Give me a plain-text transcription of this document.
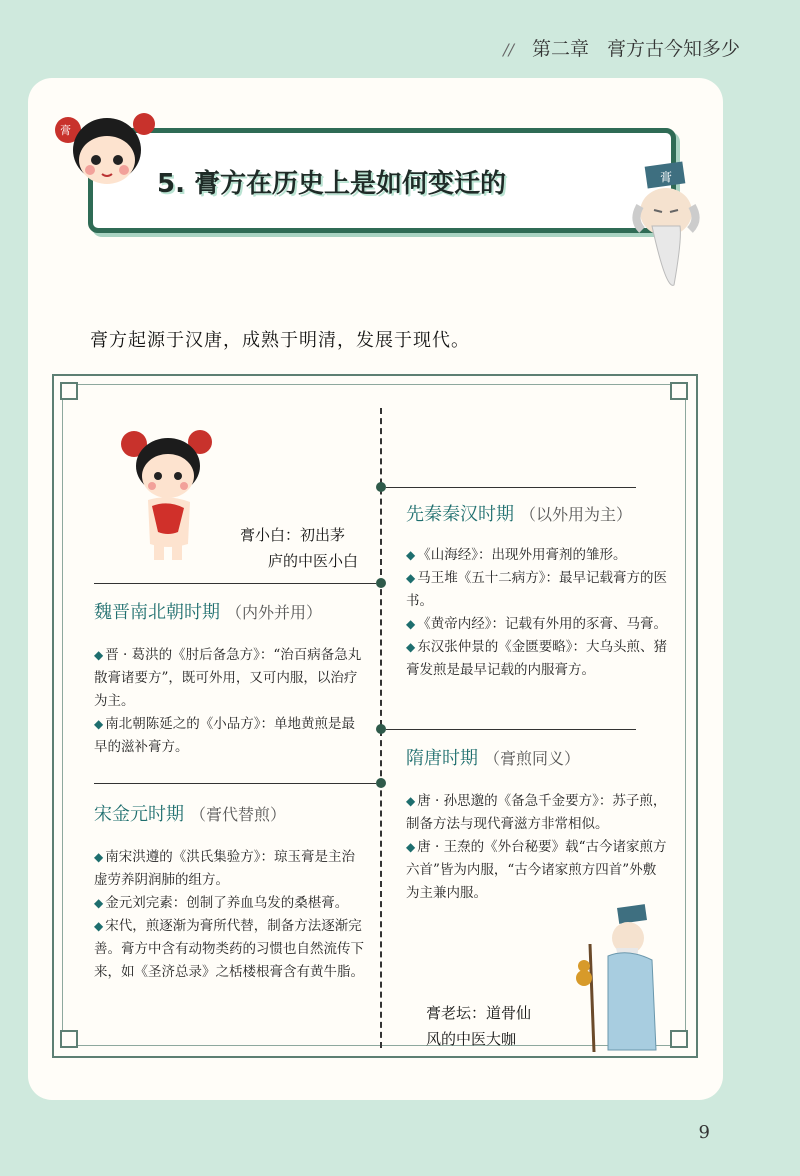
// 第二章 膏方古今知多少
5. 膏方在历史上是如何变迁的
膏
膏
膏方起源于汉唐，成熟于明清，发展于现代。
膏小白：初出茅
庐的中医小白
先秦秦汉时期 （以外用为主）

◆ 《山海经》：出现外用膏剂的雏形。

◆ 马王堆《五十二病方》：最早记载膏方的医书。

◆ 《黄帝内经》：记载有外用的豕膏、马膏。

◆ 东汉张仲景的《金匮要略》：大乌头煎、猪膏发煎是最早记载的内服膏方。

魏晋南北朝时期 （内外并用）

◆ 晋 · 葛洪的《肘后备急方》：“治百病备急丸散膏诸要方”，既可外用，又可内服，以治疗为主。

◆ 南北朝陈延之的《小品方》：单地黄煎是最早的滋补膏方。

隋唐时期 （膏煎同义）

◆ 唐 · 孙思邈的《备急千金要方》：苏子煎，制备方法与现代膏滋方非常相似。

◆ 唐 · 王焘的《外台秘要》载“古今诸家煎方六首”皆为内服，“古今诸家煎方四首”外敷为主兼内服。

宋金元时期 （膏代替煎）

◆ 南宋洪遵的《洪氏集验方》：琼玉膏是主治虚劳养阴润肺的组方。

◆ 金元刘完素：创制了养血乌发的桑椹膏。

◆ 宋代，煎逐渐为膏所代替，制备方法逐渐完善。膏方中含有动物类药的习惯也自然流传下来，如《圣济总录》之栝楼根膏含有黄牛脂。

膏老坛：道骨仙
风的中医大咖
9
